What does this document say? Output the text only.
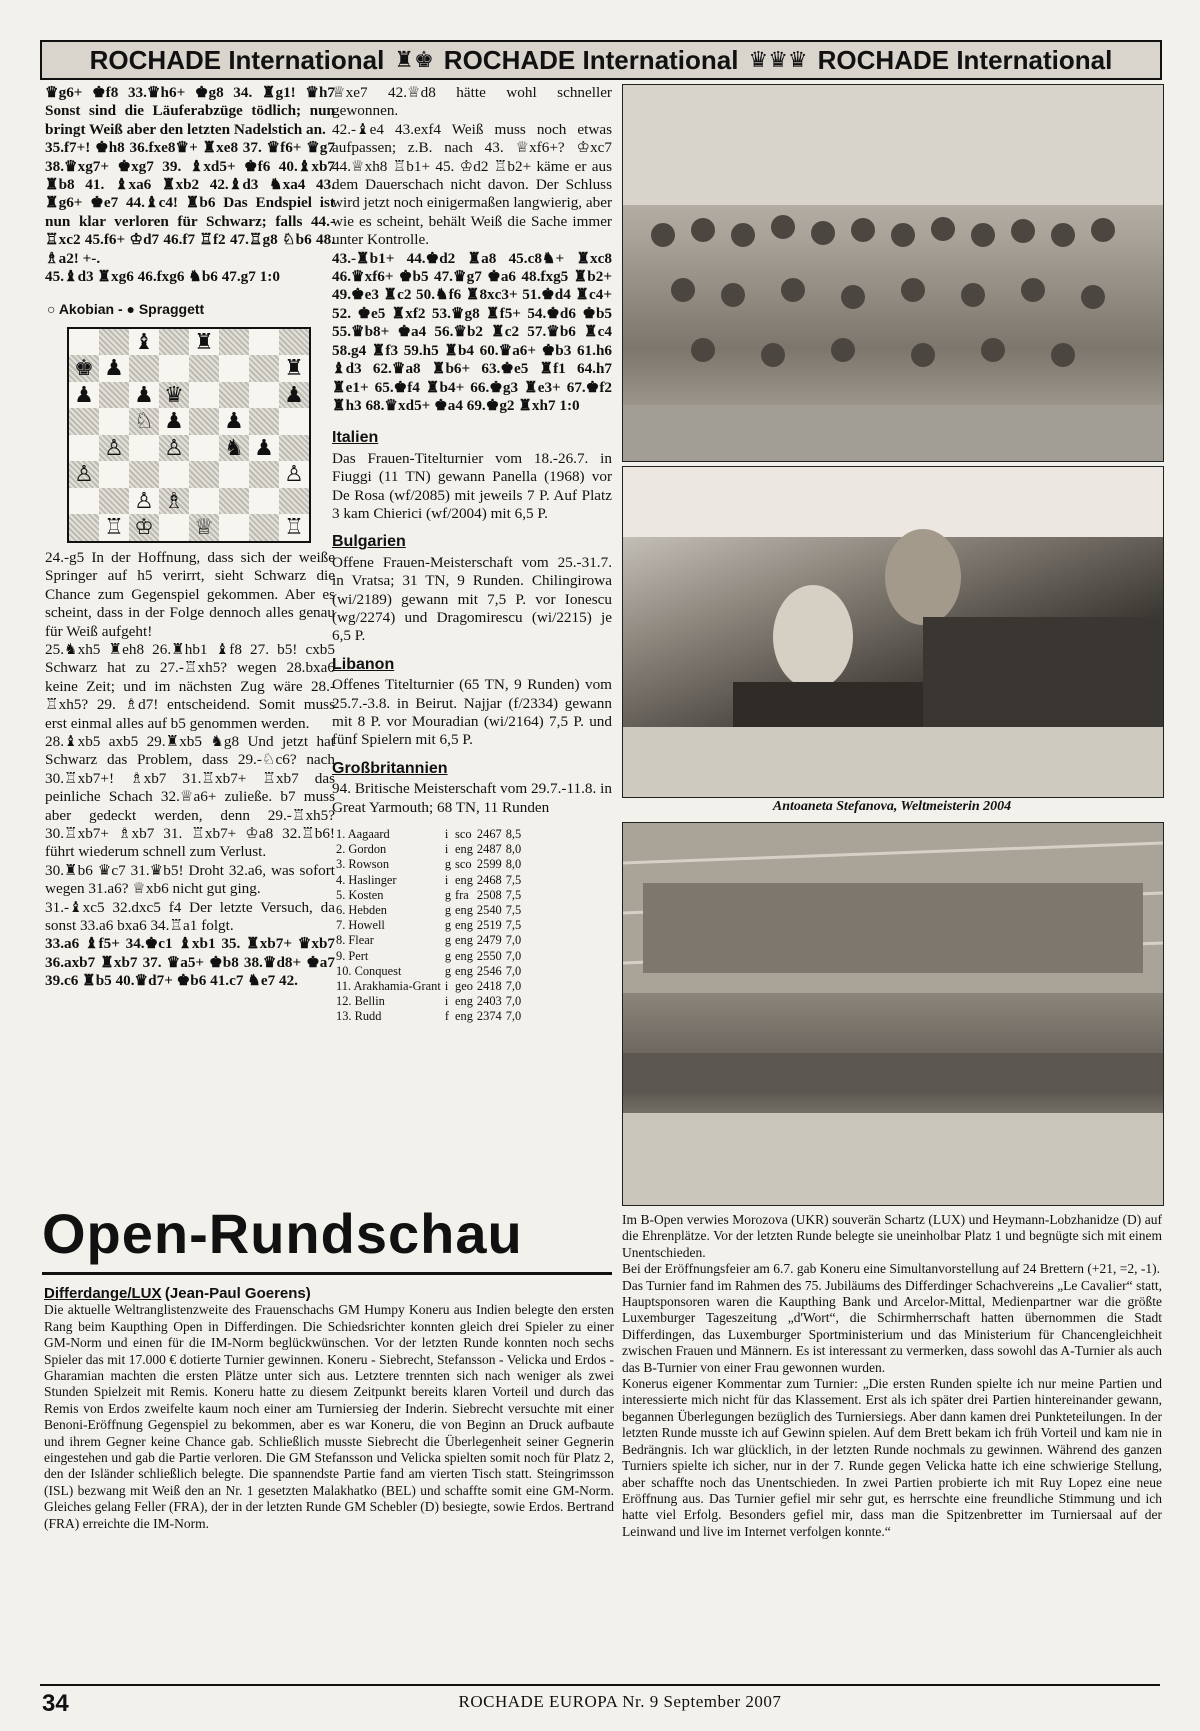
ROCHADE International ♜♚ ROCHADE International ♛♛♛ ROCHADE International

♛g6+ ♚f8 33.♛h6+ ♚g8 34. ♜g1! ♛h7 Sonst sind die Läuferabzüge tödlich; nun bringt Weiß aber den letzten Nadelstich an.

35.f7+! ♚h8 36.fxe8♛+ ♜xe8 37. ♛f6+ ♛g7 38.♛xg7+ ♚xg7 39. ♝xd5+ ♚f6 40.♝xb7 ♜b8 41. ♝xa6 ♜xb2 42.♝d3 ♞xa4 43. ♜g6+ ♚e7 44.♝c4! ♜b6 Das Endspiel ist nun klar verloren für Schwarz; falls 44.-♖xc2 45.f6+ ♔d7 46.f7 ♖f2 47.♖g8 ♘b6 48. ♗a2! +-.

45.♝d3 ♜xg6 46.fxg6 ♞b6 47.g7 1:0

○ Akobian - ● Spraggett
♝ ♜
♚ ♟	♜
♟ ♟ ♛	♟
♘ ♟ ♟
♙ ♙ ♞ ♟
♙	♙
♙ ♗
♖ ♔ ♕	♖

24.-g5 In der Hoffnung, dass sich der weiße Springer auf h5 verirrt, sieht Schwarz die Chance zum Gegenspiel gekommen. Aber es scheint, dass in der Folge dennoch alles genau für Weiß aufgeht!

25.♞xh5 ♜eh8 26.♜hb1 ♝f8 27. b5! cxb5 Schwarz hat zu 27.-♖xh5? wegen 28.bxa6 keine Zeit; und im nächsten Zug wäre 28.-♖xh5? 29. ♗d7! entscheidend. Somit muss erst einmal alles auf b5 genommen werden.

28.♝xb5 axb5 29.♜xb5 ♞g8 Und jetzt hat Schwarz das Problem, dass 29.-♘c6? nach 30.♖xb7+! ♗xb7 31.♖xb7+ ♖xb7 das peinliche Schach 32.♕a6+ zuließe. b7 muss aber gedeckt werden, denn 29.-♖xh5? 30.♖xb7+ ♗xb7 31. ♖xb7+ ♔a8 32.♖b6! führt wiederum schnell zum Verlust.

30.♜b6 ♛c7 31.♛b5! Droht 32.a6, was sofort wegen 31.a6? ♕xb6 nicht gut ging.

31.-♝xc5 32.dxc5 f4 Der letzte Versuch, da sonst 33.a6 bxa6 34.♖a1 folgt.

33.a6 ♝f5+ 34.♚c1 ♝xb1 35. ♜xb7+ ♛xb7 36.axb7 ♜xb7 37. ♛a5+ ♚b8 38.♛d8+ ♚a7 39.c6 ♜b5 40.♛d7+ ♚b6 41.c7 ♞e7 42.

♕xe7 42.♕d8 hätte wohl schneller gewonnen.

42.-♝e4 43.exf4 Weiß muss noch etwas aufpassen; z.B. nach 43. ♕xf6+? ♔xc7 44.♕xh8 ♖b1+ 45. ♔d2 ♖b2+ käme er aus dem Dauerschach nicht davon. Der Schluss wird jetzt noch einigermaßen langwierig, aber wie es scheint, behält Weiß die Sache immer unter Kontrolle.

43.-♜b1+ 44.♚d2 ♜a8 45.c8♞+ ♜xc8 46.♛xf6+ ♚b5 47.♛g7 ♚a6 48.fxg5 ♜b2+ 49.♚e3 ♜c2 50.♞f6 ♜8xc3+ 51.♚d4 ♜c4+ 52. ♚e5 ♜xf2 53.♛g8 ♜f5+ 54.♚d6 ♚b5 55.♛b8+ ♚a4 56.♛b2 ♜c2 57.♛b6 ♜c4 58.g4 ♜f3 59.h5 ♜b4 60.♛a6+ ♚b3 61.h6 ♝d3 62.♛a8 ♜b6+ 63.♚e5 ♜f1 64.h7 ♜e1+ 65.♚f4 ♜b4+ 66.♚g3 ♜e3+ 67.♚f2 ♜h3 68.♛xd5+ ♚a4 69.♚g2 ♜xh7 1:0

Italien

Das Frauen-Titelturnier vom 18.-26.7. in Fiuggi (11 TN) gewann Panella (1968) vor De Rosa (wf/2085) mit jeweils 7 P. Auf Platz 3 kam Chierici (wf/2004) mit 6,5 P.

Bulgarien

Offene Frauen-Meisterschaft vom 25.-31.7. in Vratsa; 31 TN, 9 Runden. Chilingirowa (wi/2189) gewann mit 7,5 P. vor Ionescu (wg/2274) und Dragomirescu (wi/2215) je 6,5 P.

Libanon

Offenes Titelturnier (65 TN, 9 Runden) vom 25.7.-3.8. in Beirut. Najjar (f/2334) gewann mit 8 P. vor Mouradian (wi/2164) 7,5 P. und fünf Spielern mit 6,5 P.

Großbritannien

94. Britische Meisterschaft vom 29.7.-11.8. in Great Yarmouth; 68 TN, 11 Runden

1. Aagaard	i	sco	2467	8,5
2. Gordon	i	eng	2487	8,0
3. Rowson	g	sco	2599	8,0
4. Haslinger	i	eng	2468	7,5
5. Kosten	g	fra	2508	7,5
6. Hebden	g	eng	2540	7,5
7. Howell	g	eng	2519	7,5
8. Flear	g	eng	2479	7,0
9. Pert	g	eng	2550	7,0
10. Conquest	g	eng	2546	7,0
11. Arakhamia-Grant	i	geo	2418	7,0
12. Bellin	i	eng	2403	7,0
13. Rudd	f	eng	2374	7,0
Antoaneta Stefanova, Weltmeisterin 2004
Open-Rundschau
Differdange/LUX (Jean-Paul Goerens)

Die aktuelle Weltranglistenzweite des Frauenschachs GM Humpy Koneru aus Indien belegte den ersten Rang beim Kaupthing Open in Differdingen. Die Schiedsrichter konnten gleich drei Spieler zu einer GM-Norm und einen für die IM-Norm beglückwünschen. Vor der letzten Runde konnten noch sechs Spieler das mit 17.000 € dotierte Turnier gewinnen. Koneru - Siebrecht, Stefansson - Velicka und Erdos - Gharamian machten die ersten Plätze unter sich aus. Letztere trennten sich nach weniger als zwei Stunden Spielzeit mit Remis. Koneru hatte zu diesem Zeitpunkt bereits klaren Vorteil und durch das Remis von Erdos zweifelte kaum noch einer am Turniersieg der Inderin. Siebrecht versuchte mit einer Benoni-Eröffnung Gegenspiel zu bekommen, aber es war Koneru, die von Beginn an Druck aufbaute und ihrem Gegner keine Chance gab. Schließlich musste Siebrecht die Überlegenheit seiner Gegnerin eingestehen und gab die Partie verloren. Die GM Stefansson und Velicka spielten somit noch für Platz 2, den der Isländer schließlich belegte. Die spannendste Partie fand am vierten Tisch statt. Steingrimsson (ISL) bezwang mit Weiß den an Nr. 1 gesetzten Malakhatko (BEL) und schaffte somit eine GM-Norm. Gleiches gelang Feller (FRA), der in der letzten Runde GM Schebler (D) besiegte, sowie Erdos. Bertrand (FRA) erreichte die IM-Norm.

Im B-Open verwies Morozova (UKR) souverän Schartz (LUX) und Heymann-Lobzhanidze (D) auf die Ehrenplätze. Vor der letzten Runde belegte sie uneinholbar Platz 1 und begnügte sich mit einem Unentschieden.

Bei der Eröffnungsfeier am 6.7. gab Koneru eine Simultanvorstellung auf 24 Brettern (+21, =2, -1).

Das Turnier fand im Rahmen des 75. Jubiläums des Differdinger Schachvereins „Le Cavalier“ statt, Hauptsponsoren waren die Kaupthing Bank und Arcelor-Mittal, Medienpartner war die größte Luxemburger Tageszeitung „d'Wort“, die Schirmherrschaft hatten übernommen die Stadt Differdingen, das Luxemburger Sportministerium und das Ministerium für Chancengleichheit zwischen Frauen und Männern. Es ist interessant zu vermerken, dass sowohl das A-Turnier als auch das B-Turnier von einer Frau gewonnen wurden.

Konerus eigener Kommentar zum Turnier: „Die ersten Runden spielte ich nur meine Partien und interessierte mich nicht für das Klassement. Erst als ich später drei Partien hintereinander gewann, begannen Überlegungen bezüglich des Turniersiegs. Aber dann kamen drei Punkteteilungen. In der letzten Runde musste ich auf Gewinn spielen. Auf dem Brett bekam ich früh Vorteil und kam nie in Bedrängnis. Ich war glücklich, in der letzten Runde nochmals zu gewinnen. Während des ganzen Turniers spielte ich sicher, nur in der 7. Runde gegen Velicka hatte ich eine schwierige Stellung, aber schaffte noch das Unentschieden. In zwei Partien probierte ich mit Ruy Lopez eine neue Eröffnung aus. Das Turnier gefiel mir sehr gut, es herrschte eine freundliche Stimmung und ich hatte viel Erfolg. Besonders gefiel mir, dass man die Spitzenbretter im Turniersaal auf der Leinwand und live im Internet verfolgen konnte.“

34	ROCHADE EUROPA Nr. 9 September 2007
